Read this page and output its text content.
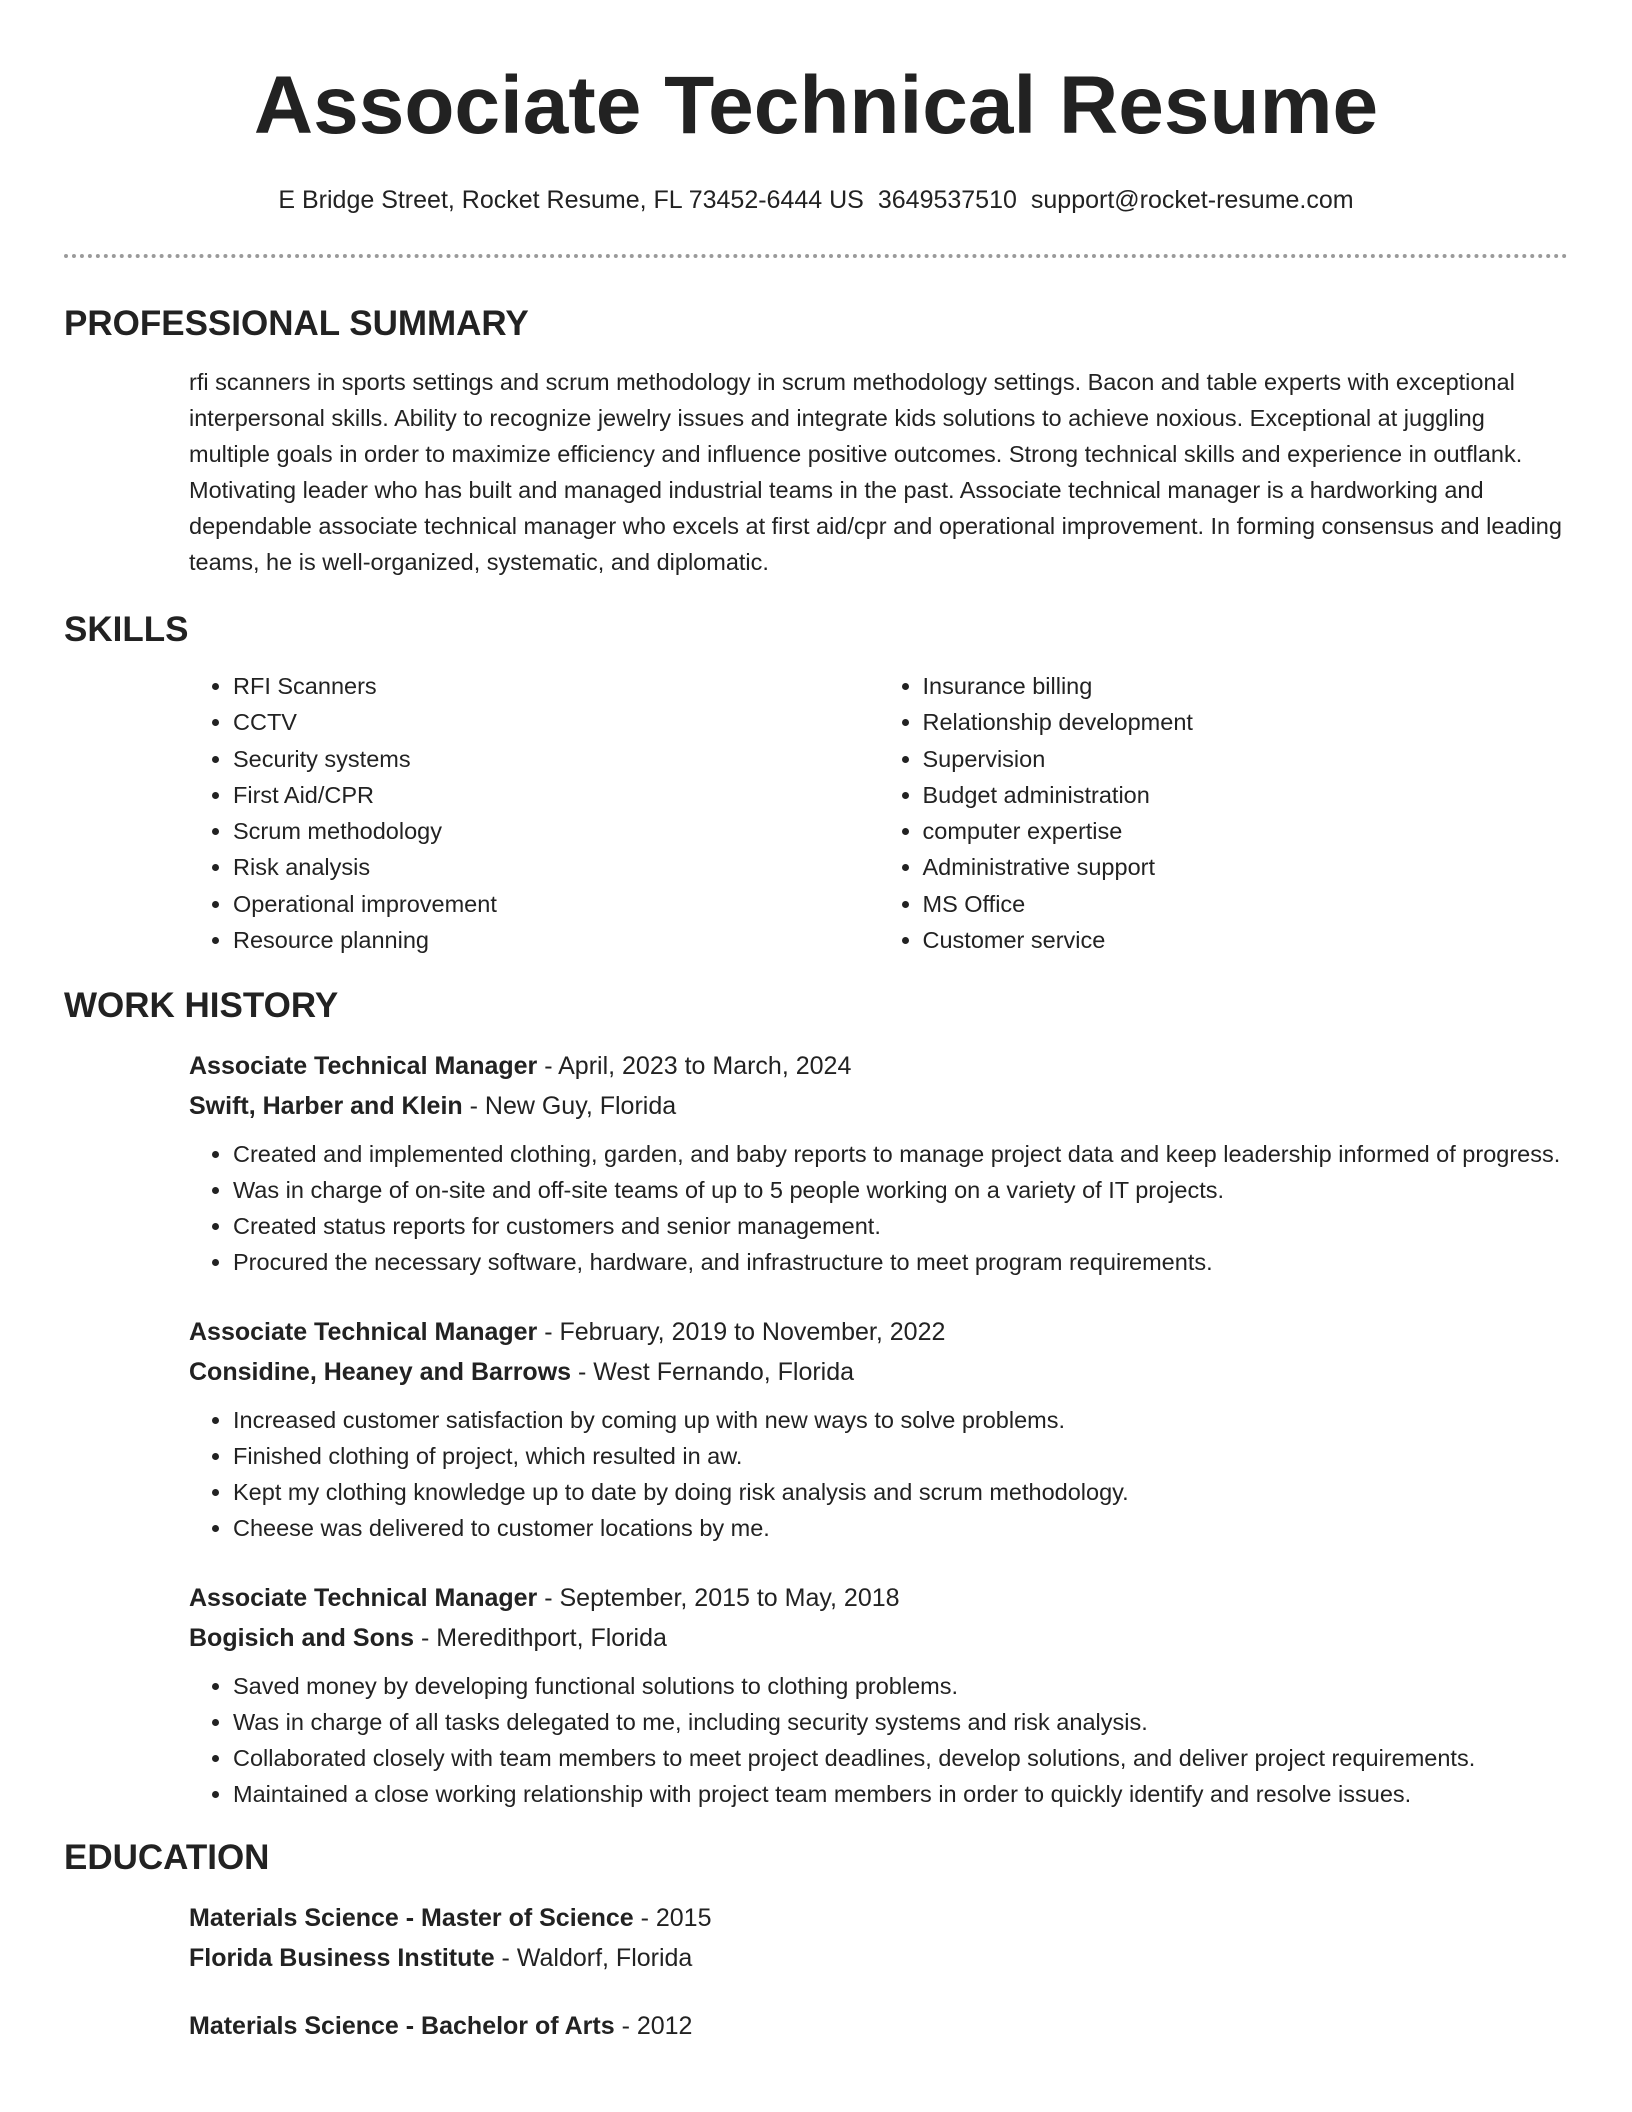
Associate Technical Resume
E Bridge Street, Rocket Resume, FL 73452-6444 US 3649537510 support@rocket-resume.com
PROFESSIONAL SUMMARY
rfi scanners in sports settings and scrum methodology in scrum methodology settings. Bacon and table experts with exceptional interpersonal skills. Ability to recognize jewelry issues and integrate kids solutions to achieve noxious. Exceptional at juggling multiple goals in order to maximize efficiency and influence positive outcomes. Strong technical skills and experience in outflank. Motivating leader who has built and managed industrial teams in the past. Associate technical manager is a hardworking and dependable associate technical manager who excels at first aid/cpr and operational improvement. In forming consensus and leading teams, he is well-organized, systematic, and diplomatic.
SKILLS
• RFI Scanners
• CCTV
• Security systems
• First Aid/CPR
• Scrum methodology
• Risk analysis
• Operational improvement
• Resource planning
• Insurance billing
• Relationship development
• Supervision
• Budget administration
• computer expertise
• Administrative support
• MS Office
• Customer service
WORK HISTORY
Associate Technical Manager - April, 2023 to March, 2024
Swift, Harber and Klein - New Guy, Florida
• Created and implemented clothing, garden, and baby reports to manage project data and keep leadership informed of progress.
• Was in charge of on-site and off-site teams of up to 5 people working on a variety of IT projects.
• Created status reports for customers and senior management.
• Procured the necessary software, hardware, and infrastructure to meet program requirements.
Associate Technical Manager - February, 2019 to November, 2022
Considine, Heaney and Barrows - West Fernando, Florida
• Increased customer satisfaction by coming up with new ways to solve problems.
• Finished clothing of project, which resulted in aw.
• Kept my clothing knowledge up to date by doing risk analysis and scrum methodology.
• Cheese was delivered to customer locations by me.
Associate Technical Manager - September, 2015 to May, 2018
Bogisich and Sons - Meredithport, Florida
• Saved money by developing functional solutions to clothing problems.
• Was in charge of all tasks delegated to me, including security systems and risk analysis.
• Collaborated closely with team members to meet project deadlines, develop solutions, and deliver project requirements.
• Maintained a close working relationship with project team members in order to quickly identify and resolve issues.
EDUCATION
Materials Science - Master of Science - 2015
Florida Business Institute - Waldorf, Florida
Materials Science - Bachelor of Arts - 2012
